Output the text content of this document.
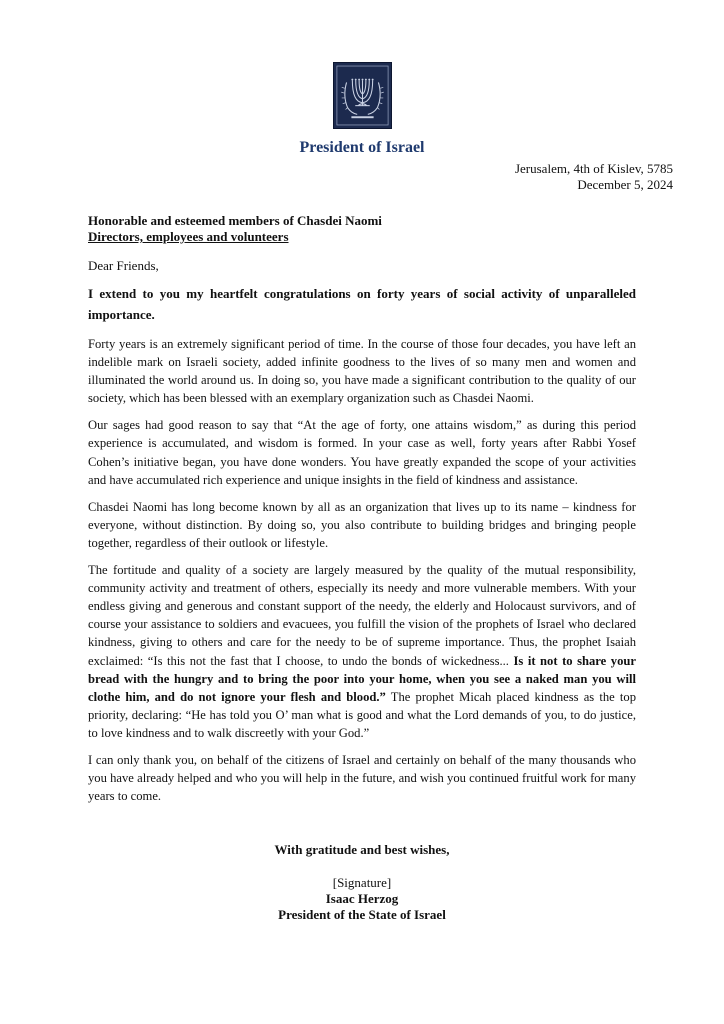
President of Israel
Jerusalem, 4th of Kislev, 5785
December 5, 2024
Honorable and esteemed members of Chasdei Naomi
Directors, employees and volunteers
Dear Friends,

I extend to you my heartfelt congratulations on forty years of social activity of unparalleled importance.

Forty years is an extremely significant period of time. In the course of those four decades, you have left an indelible mark on Israeli society, added infinite goodness to the lives of so many men and women and illuminated the world around us. In doing so, you have made a significant contribution to the quality of our society, which has been blessed with an exemplary organization such as Chasdei Naomi.

Our sages had good reason to say that “At the age of forty, one attains wisdom,” as during this period experience is accumulated, and wisdom is formed. In your case as well, forty years after Rabbi Yosef Cohen’s initiative began, you have done wonders. You have greatly expanded the scope of your activities and have accumulated rich experience and unique insights in the field of kindness and assistance.

Chasdei Naomi has long become known by all as an organization that lives up to its name – kindness for everyone, without distinction. By doing so, you also contribute to building bridges and bringing people together, regardless of their outlook or lifestyle.

The fortitude and quality of a society are largely measured by the quality of the mutual responsibility, community activity and treatment of others, especially its needy and more vulnerable members. With your endless giving and generous and constant support of the needy, the elderly and Holocaust survivors, and of course your assistance to soldiers and evacuees, you fulfill the vision of the prophets of Israel who declared kindness, giving to others and care for the needy to be of supreme importance. Thus, the prophet Isaiah exclaimed: “Is this not the fast that I choose, to undo the bonds of wickedness... Is it not to share your bread with the hungry and to bring the poor into your home, when you see a naked man you will clothe him, and do not ignore your flesh and blood.” The prophet Micah placed kindness as the top priority, declaring: “He has told you O’ man what is good and what the Lord demands of you, to do justice, to love kindness and to walk discreetly with your God.”

I can only thank you, on behalf of the citizens of Israel and certainly on behalf of the many thousands who you have already helped and who you will help in the future, and wish you continued fruitful work for many years to come.

With gratitude and best wishes,
[Signature]
Isaac Herzog
President of the State of Israel
